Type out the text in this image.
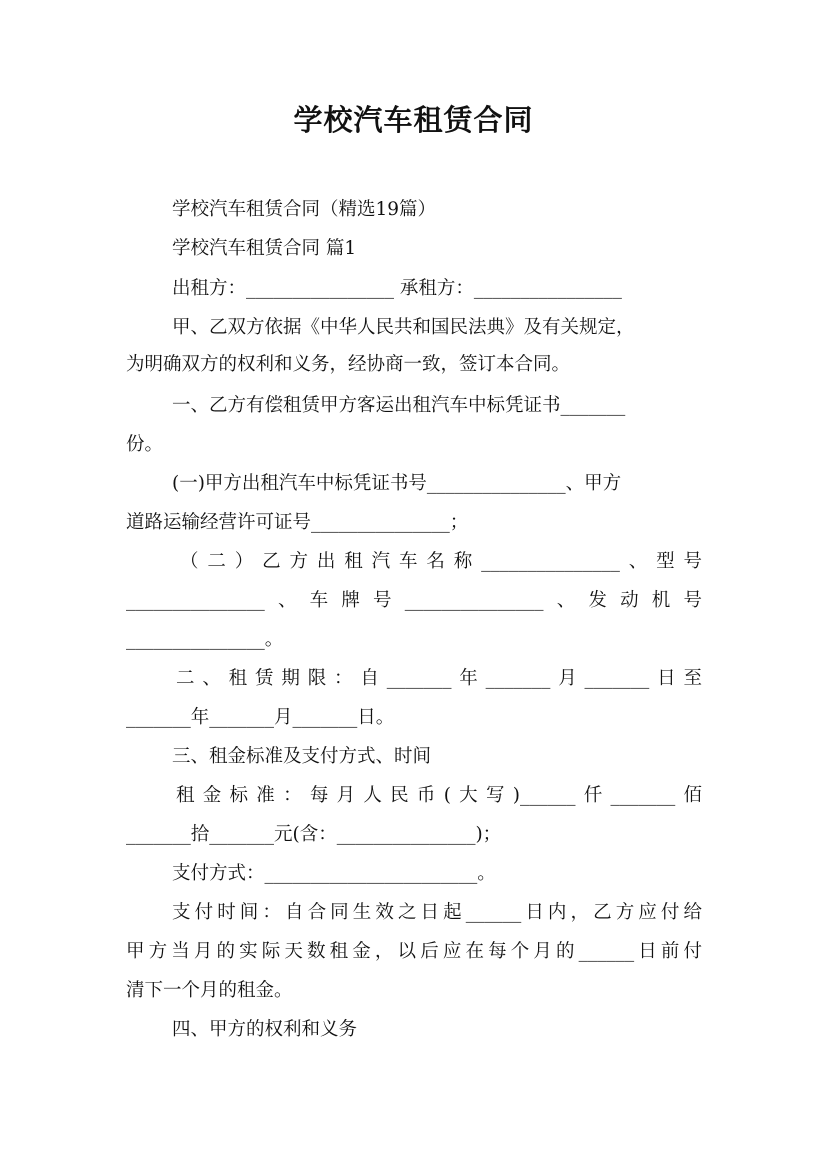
学校汽车租赁合同
学校汽车租赁合同（精选19篇）
学校汽车租赁合同 篇1
出租方：________________ 承租方：________________
甲、乙双方依据《中华人民共和国民法典》及有关规定，
为明确双方的权利和义务，经协商一致，签订本合同。
一、乙方有偿租赁甲方客运出租汽车中标凭证书_______
份。
(一)甲方出租汽车中标凭证书号_______________、甲方
道路运输经营许可证号_______________；
（二）乙方出租汽车名称_______________、型号
_______________、车牌号_______________、发动机号
_______________。
二、租赁期限：自_______年_______月_______日至
_______年_______月_______日。
三、租金标准及支付方式、时间
租金标准：每月人民币(大写)______仟_______佰
_______拾_______元(含：_______________)；
支付方式：_______________________。
支付时间：自合同生效之日起______日内，乙方应付给
甲方当月的实际天数租金，以后应在每个月的______日前付
清下一个月的租金。
四、甲方的权利和义务
